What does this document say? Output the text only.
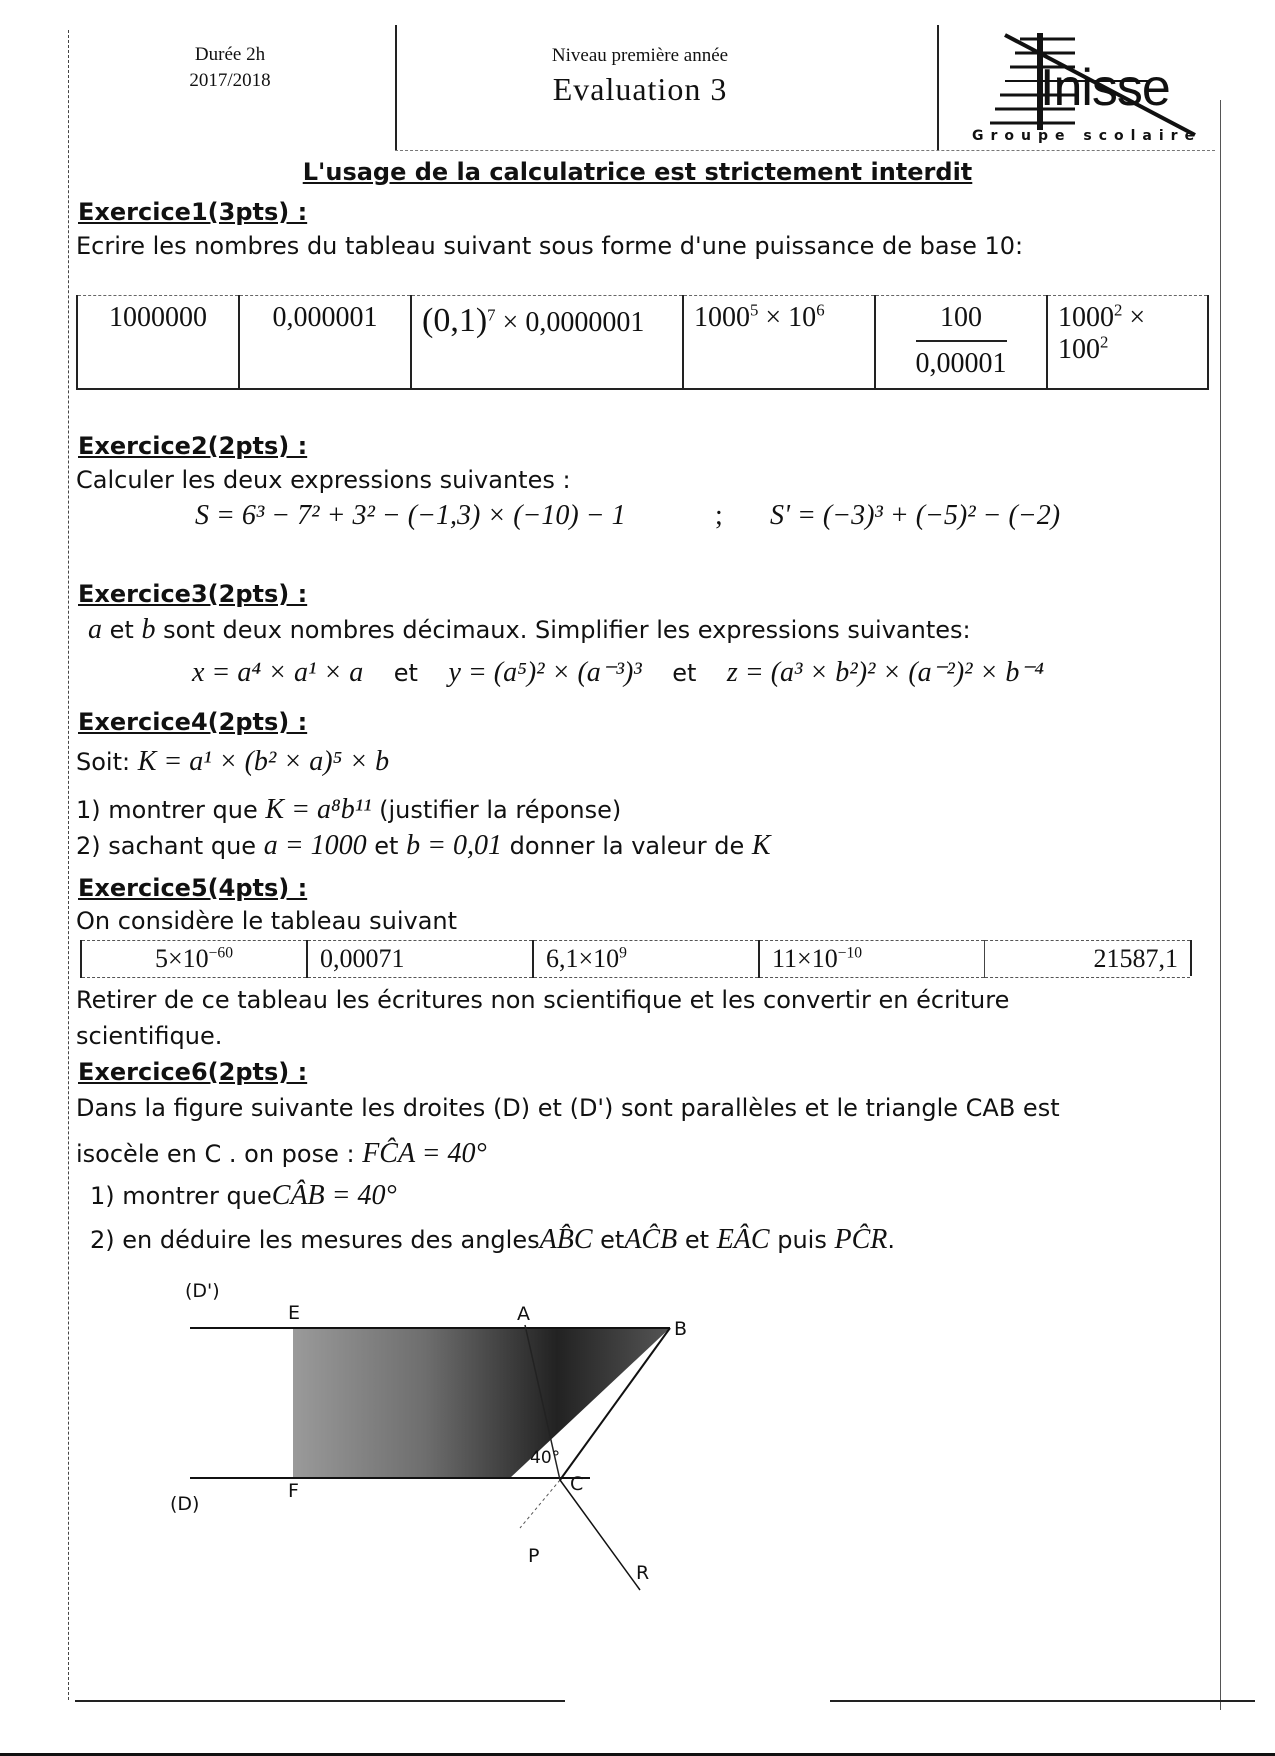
Durée 2h
2017/2018
Niveau première année
Evaluation 3	Inisse
Groupe scolaire
L'usage de la calculatrice est strictement interdit
Exercice1(3pts) :
Ecrire les nombres du tableau suivant sous forme d'une puissance de base 10:
1000000	0,000001	$(0,1)^7 \times 0,0000001$	$1000^5 \times 10^6$	$\frac{100}{0,00001}$	$1000^2 \times 100^2$
Exercice2(2pts) :
Calculer les deux expressions suivantes :
S = 6³ − 7² + 3² − (−1,3) × (−10) − 1	; S' = (−3)³ + (−5)² − (−2)
Exercice3(2pts) :
a et b sont deux nombres décimaux. Simplifier les expressions suivantes:
x = a⁴ × a¹ × a et y = (a⁵)² × (a⁻³)³ et z = (a³ × b²)² × (a⁻²)² × b⁻⁴
Exercice4(2pts) :
Soit: K = a¹ × (b² × a)⁵ × b
1) montrer que K = a⁸b¹¹ (justifier la réponse)
2) sachant que a = 1000 et b = 0,01 donner la valeur de K
Exercice5(4pts) :
On considère le tableau suivant
$5\times 10^{-60}$	0,00071	$6,1\times 10^9$	$11\times 10^{-10}$	21587,1
Retirer de ce tableau les écritures non scientifique et les convertir en écriture
scientifique.
Exercice6(2pts) :
Dans la figure suivante les droites (D) et (D') sont parallèles et le triangle CAB est
isocèle en C . on pose : FĈA = 40°
1) montrer queCÂB = 40°
2) en déduire les mesures des anglesAB̂C etAĈB et EÂC puis PĈR.
(D')
(D)
E
F
A
B
C
P
R
40°
